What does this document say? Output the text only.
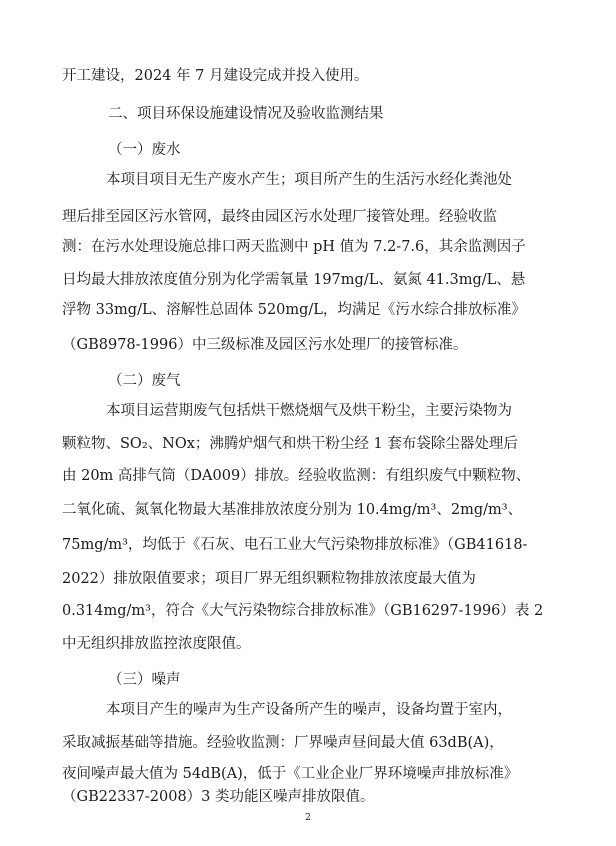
开工建设，2024 年 7 月建设完成并投入使用。
二、项目环保设施建设情况及验收监测结果
（一）废水
本项目项目无生产废水产生；项目所产生的生活污水经化粪池处
理后排至园区污水管网，最终由园区污水处理厂接管处理。经验收监
测：在污水处理设施总排口两天监测中 pH 值为 7.2-7.6，其余监测因子
日均最大排放浓度值分别为化学需氧量 197mg/L、氨氮 41.3mg/L、悬
浮物 33mg/L、溶解性总固体 520mg/L，均满足《污水综合排放标准》
（GB8978-1996）中三级标准及园区污水处理厂的接管标准。
（二）废气
本项目运营期废气包括烘干燃烧烟气及烘干粉尘，主要污染物为
颗粒物、SO₂、NOx；沸腾炉烟气和烘干粉尘经 1 套布袋除尘器处理后
由 20m 高排气筒（DA009）排放。经验收监测：有组织废气中颗粒物、
二氧化硫、氮氧化物最大基准排放浓度分别为 10.4mg/m³、2mg/m³、
75mg/m³，均低于《石灰、电石工业大气污染物排放标准》（GB41618-
2022）排放限值要求；项目厂界无组织颗粒物排放浓度最大值为
0.314mg/m³，符合《大气污染物综合排放标准》（GB16297-1996）表 2
中无组织排放监控浓度限值。
（三）噪声
本项目产生的噪声为生产设备所产生的噪声，设备均置于室内，
采取减振基础等措施。经验收监测：厂界噪声昼间最大值 63dB(A)，
夜间噪声最大值为 54dB(A)，低于《工业企业厂界环境噪声排放标准》
（GB22337-2008）3 类功能区噪声排放限值。
2
